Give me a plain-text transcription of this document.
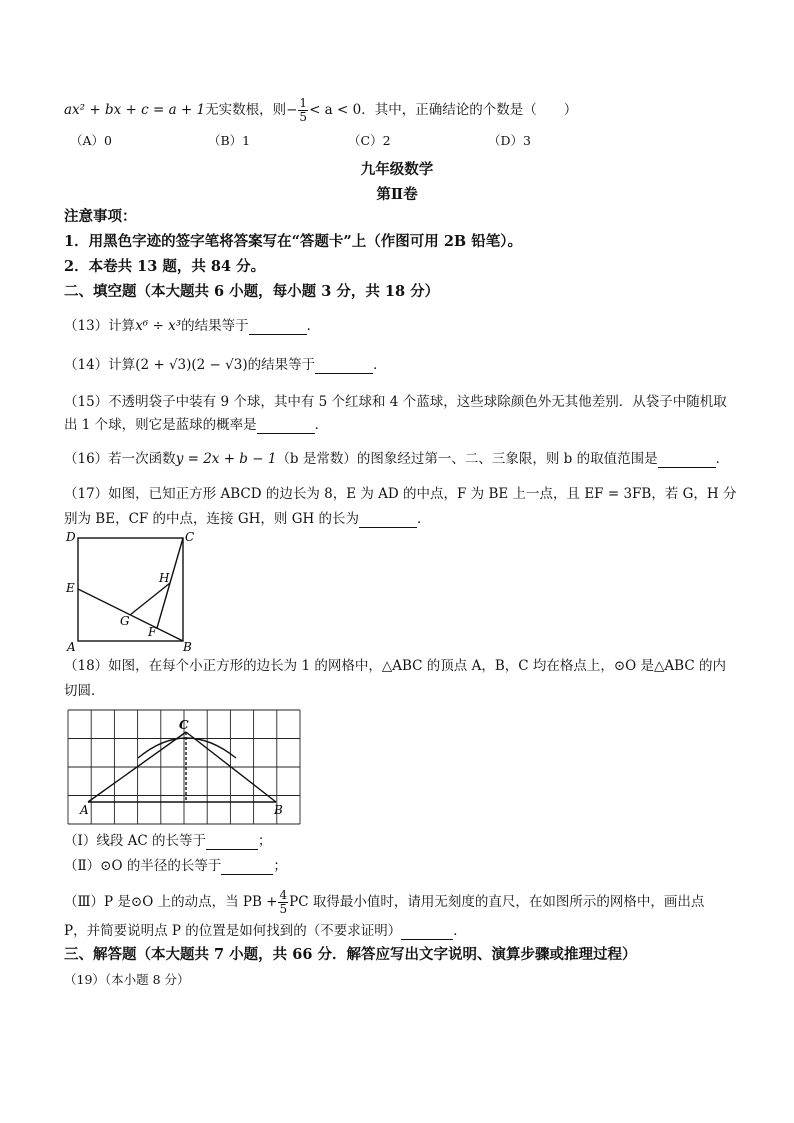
ax² + bx + c = a + 1无实数根，则− $\frac{1}{5} < a < 0$．其中，正确结论的个数是（　　）
（A）0	（B）1	（C）2	（D）3
九年级数学
第Ⅱ卷
注意事项：
1．用黑色字迹的签字笔将答案写在“答题卡”上（作图可用 2B 铅笔）。
2．本卷共 13 题，共 84 分。
二、填空题（本大题共 6 小题，每小题 3 分，共 18 分）
（13）计算x⁶ ÷ x³的结果等于	．
（14）计算(2 + √3)(2 − √3)的结果等于	．
（15）不透明袋子中装有 9 个球，其中有 5 个红球和 4 个蓝球，这些球除颜色外无其他差别．从袋子中随机取
出 1 个球，则它是蓝球的概率是	．
（16）若一次函数y = 2x + b − 1（b 是常数）的图象经过第一、二、三象限，则 b 的取值范围是	．
（17）如图，已知正方形 ABCD 的边长为 8，E 为 AD 的中点，F 为 BE 上一点，且 EF = 3FB，若 G，H 分
别为 BE，CF 的中点，连接 GH，则 GH 的长为	．
D	C
E
H
G
F
A	B
（18）如图，在每个小正方形的边长为 1 的网格中，△ABC 的顶点 A，B，C 均在格点上，⊙O 是△ABC 的内
切圆．
C
A	B
（Ⅰ）线段 AC 的长等于	；
（Ⅱ）⊙O 的半径的长等于	；
（Ⅲ）P 是⊙O 上的动点，当 PB + $\frac{4}{5}$ PC 取得最小值时，请用无刻度的直尺，在如图所示的网格中，画出点
P，并简要说明点 P 的位置是如何找到的（不要求证明）	．
三、解答题（本大题共 7 小题，共 66 分．解答应写出文字说明、演算步骤或推理过程）
（19）（本小题 8 分）
